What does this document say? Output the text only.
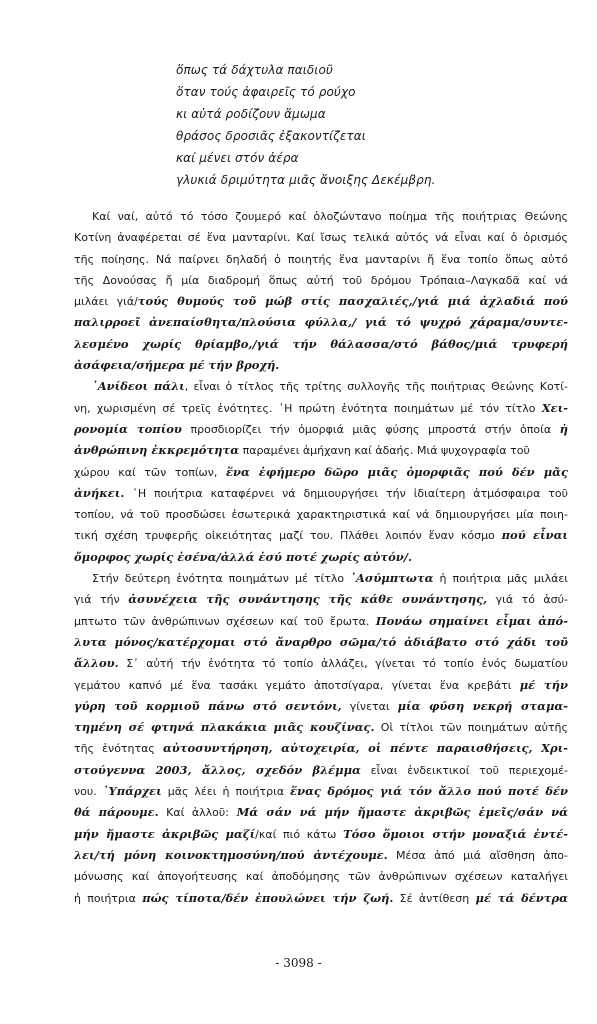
ὅπως τά δάχτυλα παιδιοῦ
ὅταν τούς ἀφαιρεῖς τό ρούχο
κι αὐτά ροδίζουν ἄμωμα
θράσος δροσιᾶς ἐξακοντίζεται
καί μένει στόν ἀέρα
γλυκιά δριμύτητα μιᾶς ἄνοιξης Δεκέμβρη.
Καί ναί, αὐτό τό τόσο ζουμερό καί ὁλοζώντανο ποίημα τῆς ποιήτριας Θεώνης
Κοτίνη ἀναφέρεται σέ ἕνα μανταρίνι. Καί ἴσως τελικά αὐτός νά εἶναι καί ὁ ὁρισμός
τῆς ποίησης. Νά παίρνει δηλαδή ὁ ποιητής ἕνα μανταρίνι ἤ ἕνα τοπίο ὅπως αὐτό
τῆς Δονούσας ἤ μία διαδρομή ὅπως αὐτή τοῦ δρόμου Τρόπαια–Λαγκαδᾶ καί νά
μιλάει γιά/τούς θυμούς τοῦ μώβ στίς πασχαλιές,/γιά μιά ἀχλαδιά πού
παλιρροεῖ ἀνεπαίσθητα/πλούσια φύλλα,/ γιά τό ψυχρό χάραμα/συντε-
λεσμένο χωρίς θρίαμβο,/γιά τήν θάλασσα/στό βάθος/μιά τρυφερή
ἀσάφεια/σήμερα μέ τήν βροχή.
῾Ανίδεοι πάλι, εἶναι ὁ τίτλος τῆς τρίτης συλλογῆς τῆς ποιήτριας Θεώνης Κοτί-
νη, χωρισμένη σέ τρεῖς ἑνότητες. ῾Η πρώτη ἑνότητα ποιημάτων μέ τόν τίτλο Χει-
ρονομία τοπίου προσδιορίζει τήν ὀμορφιά μιᾶς φύσης μπροστά στήν ὁποία ἡ
ἀνθρώπινη ἐκκρεμότητα παραμένει ἀμήχανη καί ἀδαής. Μιά ψυχογραφία τοῦ
χώρου καί τῶν τοπίων, ἕνα ἐφήμερο δῶρο μιᾶς ὀμορφιᾶς πού δέν μᾶς
ἀνήκει. ῾Η ποιήτρια καταφέρνει νά δημιουργήσει τήν ἰδιαίτερη ἀτμόσφαιρα τοῦ
τοπίου, νά τοῦ προσδώσει ἐσωτερικά χαρακτηριστικά καί νά δημιουργήσει μία ποιη-
τική σχέση τρυφερῆς οἰκειότητας μαζί του. Πλάθει λοιπόν ἕναν κόσμο πού εἶναι
ὄμορφος χωρίς ἐσένα/ἀλλά ἐσύ ποτέ χωρίς αὐτόν/.
Στήν δεύτερη ἑνότητα ποιημάτων μέ τίτλο ᾿Ασύμπτωτα ἡ ποιήτρια μᾶς μιλάει
γιά τήν ἀσυνέχεια τῆς συνάντησης τῆς κάθε συνάντησης, γιά τό ἀσύ-
μπτωτο τῶν ἀνθρώπινων σχέσεων καί τοῦ ἔρωτα. Πονάω σημαίνει εἶμαι ἀπό-
λυτα μόνος/κατέρχομαι στό ἄναρθρο σῶμα/τό ἀδιάβατο στό χάδι τοῦ
ἄλλου. Σ᾿ αὐτή τήν ἑνότητα τό τοπίο ἀλλάζει, γίνεται τό τοπίο ἑνός δωματίου
γεμάτου καπνό μέ ἕνα τασάκι γεμάτο ἀποτσίγαρα, γίνεται ἕνα κρεβάτι μέ τήν
γύρη τοῦ κορμιοῦ πάνω στό σεντόνι, γίνεται μία φύση νεκρή σταμα-
τημένη σέ φτηνά πλακάκια μιᾶς κουζίνας. Οἱ τίτλοι τῶν ποιημάτων αὐτῆς
τῆς ἑνότητας αὐτοσυντήρηση, αὐτοχειρία, οἱ πέντε παραισθήσεις, Χρι-
στούγεννα 2003, ἄλλος, σχεδόν βλέμμα εἶναι ἐνδεικτικοί τοῦ περιεχομέ-
νου. ῾Υπάρχει μᾶς λέει ἡ ποιήτρια ἕνας δρόμος γιά τόν ἄλλο πού ποτέ δέν
θά πάρουμε. Καί ἀλλοῦ: Μά σάν νά μήν ἤμαστε ἀκριβῶς ἐμεῖς/σάν νά
μήν ἤμαστε ἀκριβῶς μαζί/καί πιό κάτω Τόσο ὅμοιοι στήν μοναξιά ἐντέ-
λει/τή μόνη κοινοκτημοσύνη/πού ἀντέχουμε. Μέσα ἀπό μιά αἴσθηση ἀπο-
μόνωσης καί ἀπογοήτευσης καί ἀποδόμησης τῶν ἀνθρώπινων σχέσεων καταλήγει
ἡ ποιήτρια πώς τίποτα/δέν ἐπουλώνει τήν ζωή. Σέ ἀντίθεση μέ τά δέντρα
- 3098 -
